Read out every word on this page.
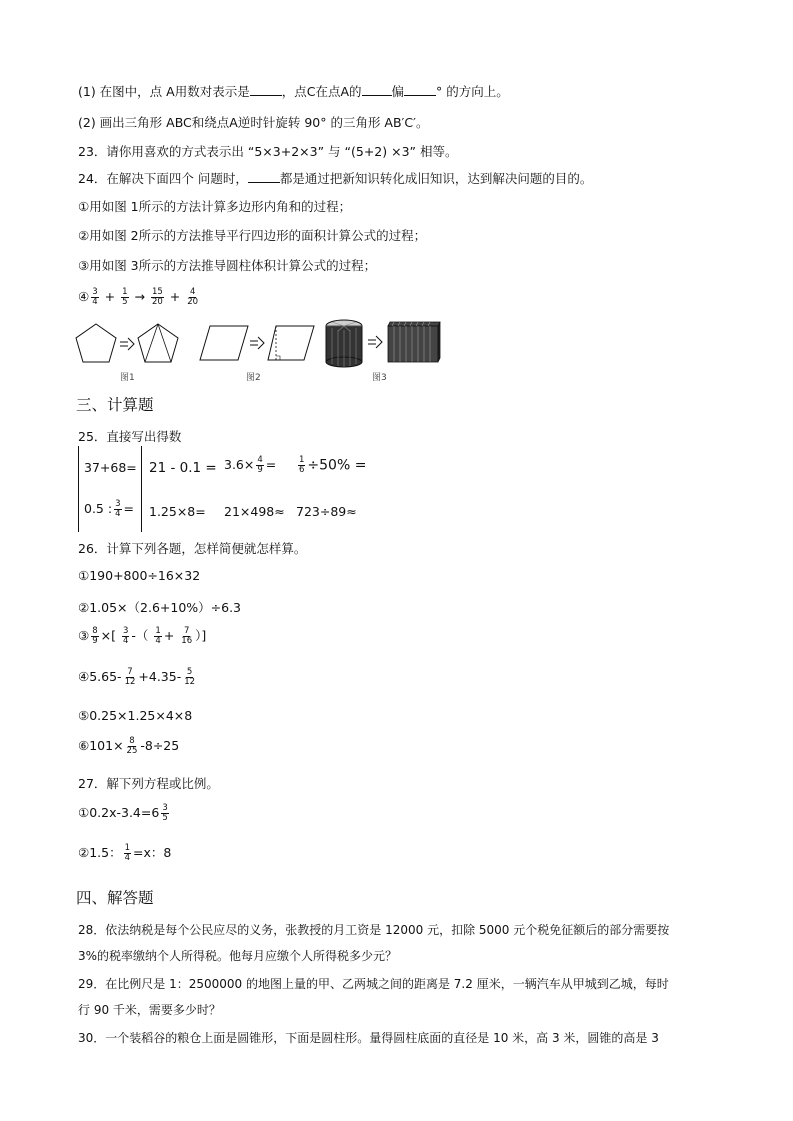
(1) 在图中，点 A用数对表示是	，点C在点A的 偏	° 的方向上。
(2) 画出三角形 ABC和绕点A逆时针旋转 90° 的三角形 AB′C′。
23．请你用喜欢的方式表示出 “5×3+2×3” 与 “(5+2) ×3” 相等。
24．在解决下面四个 问题时，	都是通过把新知识转化成旧知识，达到解决问题的目的。
①用如图 1所示的方法计算多边形内角和的过程；
②用如图 2所示的方法推导平行四边形的面积计算公式的过程；
③用如图 3所示的方法推导圆柱体积计算公式的过程；
④ $\frac{3}{4} + \frac{1}{5} \to \frac{15}{20} + \frac{4}{20}$
图1	图2	图3
三、计算题
25．直接写出得数
$37+68= 21 - 0.1 = 3.6\times \frac{4}{9}$ =	$\frac{1}{6} \div 50\%$ =
0.5 : $\frac{3}{4} = 1.25\times 8= 21\times 498\approx 723\div 89\approx$
26．计算下列各题，怎样简便就怎样算。
①190+800÷16×32
②1.05×（2.6+10%）÷6.3
③ $\frac{8}{9}$ ×[ $\frac{3}{4}$ -（ $\frac{1}{4} + \frac{7}{16}$ ）]
④5.65- $\frac{7}{12} +4.35- \frac{5}{12}$
⑤0.25×1.25×4×8
⑥101× $\frac{8}{25} -8\div 25$
27．解下列方程或比例。
①0.2x-3.4=6 $\frac{3}{5}$
②1.5： $\frac{1}{4} =x$：8
四、解答题
28．依法纳税是每个公民应尽的义务，张教授的月工资是 12000 元，扣除 5000 元个税免征额后的部分需要按
3%的税率缴纳个人所得税。他每月应缴个人所得税多少元？
29．在比例尺是 1：2500000 的地图上量的甲、乙两城之间的距离是 7.2 厘米，一辆汽车从甲城到乙城，每时
行 90 千米，需要多少时？
30．一个装稻谷的粮仓上面是圆锥形，下面是圆柱形。量得圆柱底面的直径是 10 米，高 3 米，圆锥的高是 3
